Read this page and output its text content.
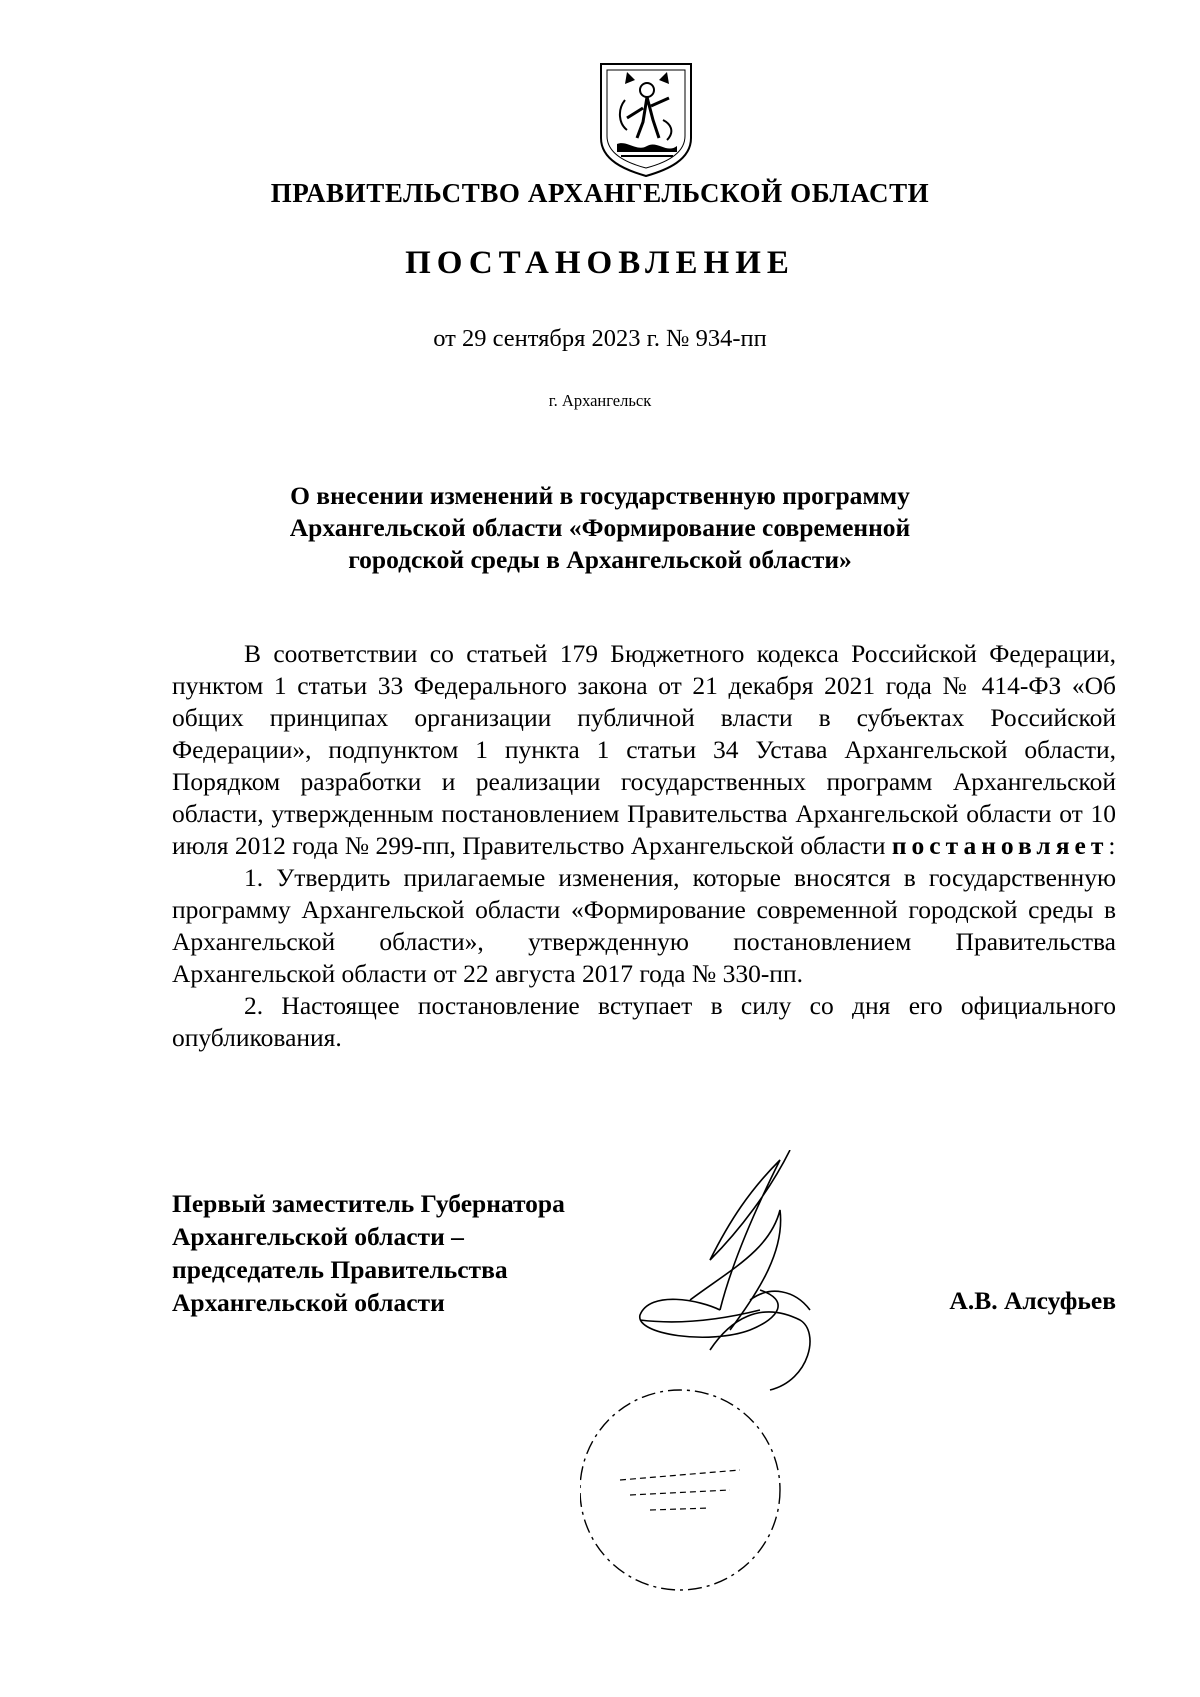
ПРАВИТЕЛЬСТВО АРХАНГЕЛЬСКОЙ ОБЛАСТИ
ПОСТАНОВЛЕНИЕ
от 29 сентября 2023 г. № 934-пп
г. Архангельск
О внесении изменений в государственную программу
Архангельской области «Формирование современной
городской среды в Архангельской области»

В соответствии со статьей 179 Бюджетного кодекса Российской Федерации, пунктом 1 статьи 33 Федерального закона от 21 декабря 2021 года № 414-ФЗ «Об общих принципах организации публичной власти в субъектах Российской Федерации», подпунктом 1 пункта 1 статьи 34 Устава Архангельской области, Порядком разработки и реализации государственных программ Архангельской области, утвержденным постановлением Правительства Архангельской области от 10 июля 2012 года № 299-пп, Правительство Архангельской области постановляет:

1. Утвердить прилагаемые изменения, которые вносятся в государственную программу Архангельской области «Формирование современной городской среды в Архангельской области», утвержденную постановлением Правительства Архангельской области от 22 августа 2017 года № 330-пп.

2. Настоящее постановление вступает в силу со дня его официального опубликования.

Первый заместитель Губернатора
Архангельской области –
председатель Правительства
Архангельской области	А.В. Алсуфьев
